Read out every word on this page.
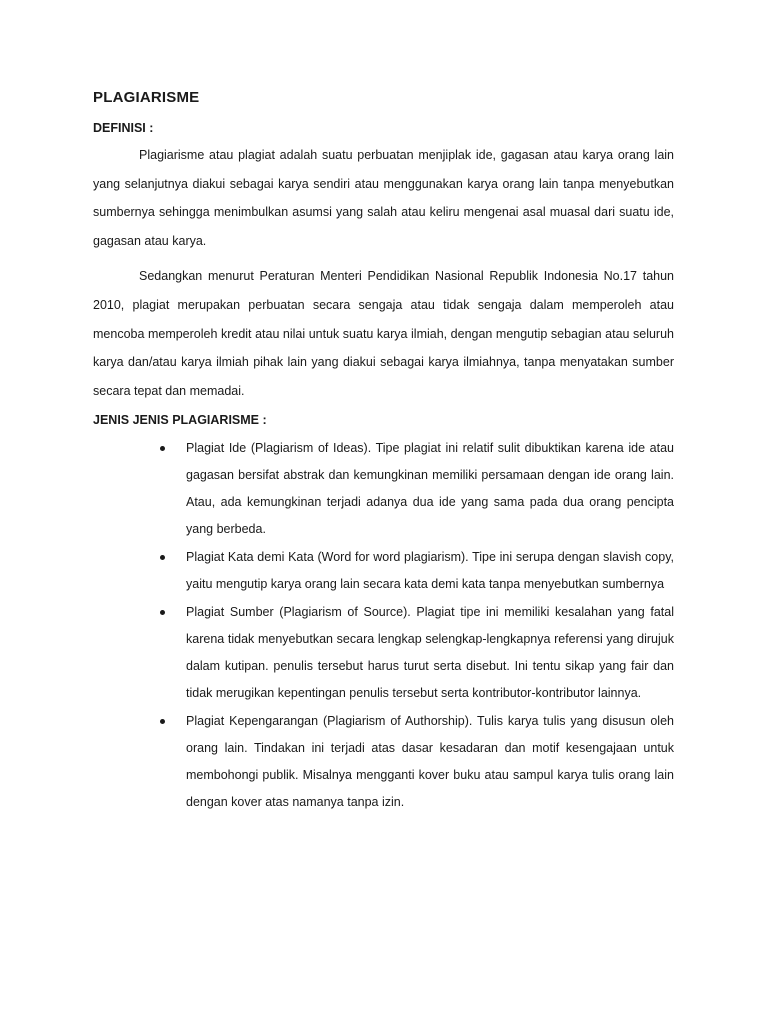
PLAGIARISME
DEFINISI :

Plagiarisme atau plagiat adalah suatu perbuatan menjiplak ide, gagasan atau karya orang lain yang selanjutnya diakui sebagai karya sendiri atau menggunakan karya orang lain tanpa menyebutkan sumbernya sehingga menimbulkan asumsi yang salah atau keliru mengenai asal muasal dari suatu ide, gagasan atau karya.

Sedangkan menurut Peraturan Menteri Pendidikan Nasional Republik Indonesia No.17 tahun 2010, plagiat merupakan perbuatan secara sengaja atau tidak sengaja dalam memperoleh atau mencoba memperoleh kredit atau nilai untuk suatu karya ilmiah, dengan mengutip sebagian atau seluruh karya dan/atau karya ilmiah pihak lain yang diakui sebagai karya ilmiahnya, tanpa menyatakan sumber secara tepat dan memadai.

JENIS JENIS PLAGIARISME :
Plagiat Ide (Plagiarism of Ideas). Tipe plagiat ini relatif sulit dibuktikan karena ide atau gagasan bersifat abstrak dan kemungkinan memiliki persamaan dengan ide orang lain. Atau, ada kemungkinan terjadi adanya dua ide yang sama pada dua orang pencipta yang berbeda.
Plagiat Kata demi Kata (Word for word plagiarism). Tipe ini serupa dengan slavish copy, yaitu mengutip karya orang lain secara kata demi kata tanpa menyebutkan sumbernya
Plagiat Sumber (Plagiarism of Source). Plagiat tipe ini memiliki kesalahan yang fatal karena tidak menyebutkan secara lengkap selengkap-lengkapnya referensi yang dirujuk dalam kutipan. penulis tersebut harus turut serta disebut. Ini tentu sikap yang fair dan tidak merugikan kepentingan penulis tersebut serta kontributor-kontributor lainnya.
Plagiat Kepengarangan (Plagiarism of Authorship). Tulis karya tulis yang disusun oleh orang lain. Tindakan ini terjadi atas dasar kesadaran dan motif kesengajaan untuk membohongi publik. Misalnya mengganti kover buku atau sampul karya tulis orang lain dengan kover atas namanya tanpa izin.
